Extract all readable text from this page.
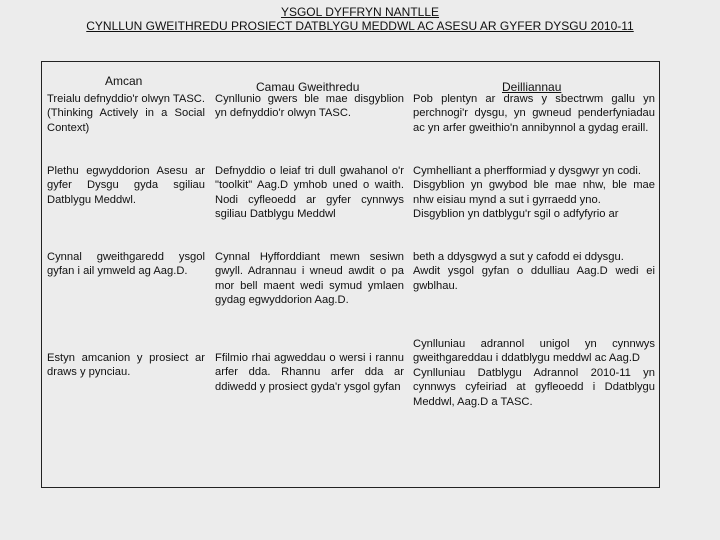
YSGOL DYFFRYN NANTLLE
CYNLLUN GWEITHREDU PROSIECT DATBLYGU MEDDWL AC ASESU AR GYFER DYSGU 2010-11
Amcan	Camau Gweithredu	Deilliannau
Treialu defnyddio'r olwyn TASC. (Thinking Actively in a Social Context)
Cynllunio gwers ble mae disgyblion yn defnyddio'r olwyn TASC.
Pob plentyn ar draws y sbectrwm gallu yn perchnogi'r dysgu, yn gwneud penderfyniadau ac yn arfer gweithio'n annibynnol a gydag eraill.
Plethu egwyddorion Asesu ar gyfer Dysgu gyda sgiliau Datblygu Meddwl.
Defnyddio o leiaf tri dull gwahanol o'r "toolkit" Aag.D ymhob uned o waith. Nodi cyfleoedd ar gyfer cynnwys sgiliau Datblygu Meddwl
Cymhelliant a pherfformiad y dysgwyr yn codi.
Disgyblion yn gwybod ble mae nhw, ble mae nhw eisiau mynd a sut i gyrraedd yno.
Disgyblion yn datblygu'r sgil o adfyfyrio ar
Cynnal gweithgaredd ysgol gyfan i ail ymweld ag Aag.D.
Cynnal Hyfforddiant mewn sesiwn gwyll. Adrannau i wneud awdit o pa mor bell maent wedi symud ymlaen gydag egwyddorion Aag.D.
beth a ddysgwyd a sut y cafodd ei ddysgu.
Awdit ysgol gyfan o ddulliau Aag.D wedi ei gwblhau.
Estyn amcanion y prosiect ar draws y pynciau.
Ffilmio rhai agweddau o wersi i rannu arfer dda. Rhannu arfer dda ar ddiwedd y prosiect gyda'r ysgol gyfan
Cynlluniau adrannol unigol yn cynnwys gweithgareddau i ddatblygu meddwl ac Aag.D
Cynlluniau Datblygu Adrannol 2010-11 yn cynnwys cyfeiriad at gyfleoedd i Ddatblygu Meddwl, Aag.D a TASC.
